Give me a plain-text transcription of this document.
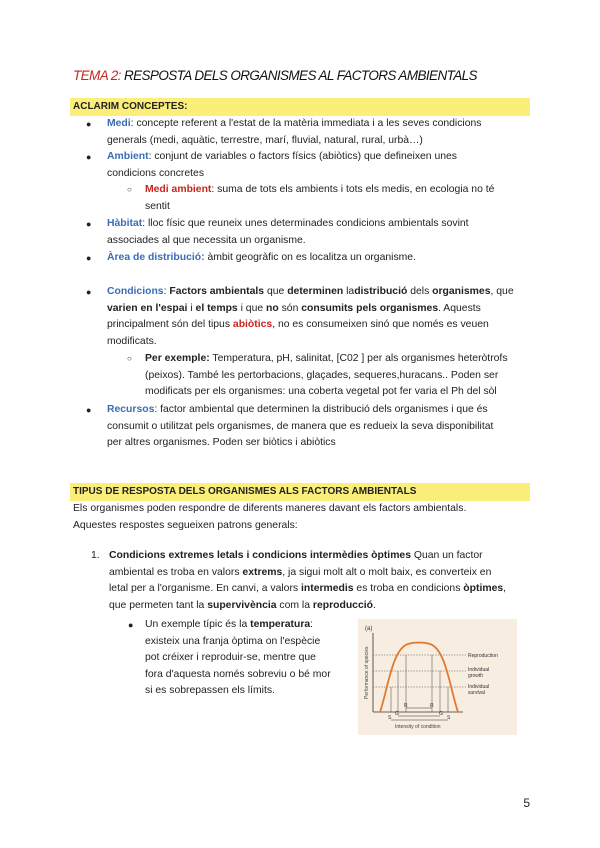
TEMA 2: RESPOSTA DELS ORGANISMES AL FACTORS AMBIENTALS
ACLARIM CONCEPTES:
● Medi: concepte referent a l'estat de la matèria immediata i a les seves condicions
generals (medi, aquàtic, terrestre, marí, fluvial, natural, rural, urbà…)
● Ambient: conjunt de variables o factors físics (abiòtics) que defineixen unes
condicions concretes
○ Medi ambient: suma de tots els ambients i tots els medis, en ecologia no té
sentit
● Hàbitat: lloc físic que reuneix unes determinades condicions ambientals sovint
associades al que necessita un organisme.
● Àrea de distribució: àmbit geogràfic on es localitza un organisme.
● Condicions: Factors ambientals que determinen ladistribució dels organismes, que
varien en l'espai i el temps i que no són consumits pels organismes. Aquests
principalment són del tipus abiòtics, no es consumeixen sinó que només es veuen
modificats.
○ Per exemple: Temperatura, pH, salinitat, [C02 ] per als organismes heteròtrofs
(peixos). També les pertorbacions, glaçades, sequeres,huracans.. Poden ser
modificats per els organismes: una coberta vegetal pot fer varia el Ph del sòl
● Recursos: factor ambiental que determinen la distribució dels organismes i que és
consumit o utilitzat pels organismes, de manera que es redueix la seva disponibilitat
per altres organismes. Poden ser biòtics i abiòtics
TIPUS DE RESPOSTA DELS ORGANISMES ALS FACTORS AMBIENTALS
Els organismes poden respondre de diferents maneres davant els factors ambientals.
Aquestes respostes segueixen patrons generals:
1. Condicions extremes letals i condicions intermèdies òptimes Quan un factor
ambiental es troba en valors extrems, ja sigui molt alt o molt baix, es converteix en
letal per a l'organisme. En canvi, a valors intermedis es troba en condicions òptimes,
que permeten tant la supervivència com la reproducció.
● Un exemple típic és la temperatura:
existeix una franja òptima on l'espècie
pot créixer i reproduir-se, mentre que
fora d'aquesta només sobreviu o bé mor
si es sobrepassen els límits.
(a)
Performance of species	Reproduction
Individual
growth
Individual
survival
R	R
G	G
S	S
Intensity of condition
5
